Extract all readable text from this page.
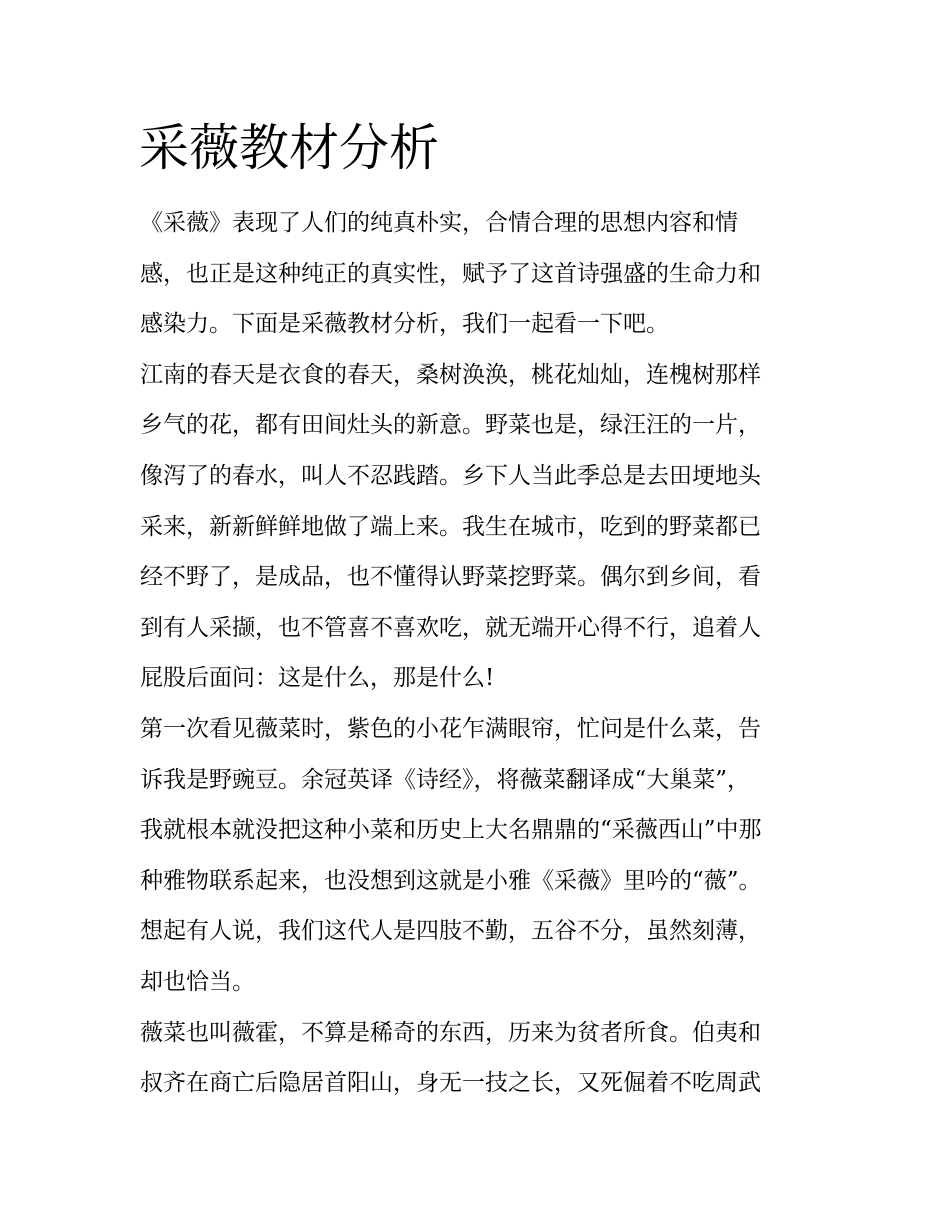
采薇教材分析
《采薇》表现了人们的纯真朴实，合情合理的思想内容和情
感，也正是这种纯正的真实性，赋予了这首诗强盛的生命力和
感染力。下面是采薇教材分析，我们一起看一下吧。
江南的春天是衣食的春天，桑树涣涣，桃花灿灿，连槐树那样
乡气的花，都有田间灶头的新意。野菜也是，绿汪汪的一片，
像泻了的春水，叫人不忍践踏。乡下人当此季总是去田埂地头
采来，新新鲜鲜地做了端上来。我生在城市，吃到的野菜都已
经不野了，是成品，也不懂得认野菜挖野菜。偶尔到乡间，看
到有人采撷，也不管喜不喜欢吃，就无端开心得不行，追着人
屁股后面问：这是什么，那是什么!
第一次看见薇菜时，紫色的小花乍满眼帘，忙问是什么菜，告
诉我是野豌豆。余冠英译《诗经》，将薇菜翻译成“大巢菜”，
我就根本就没把这种小菜和历史上大名鼎鼎的“采薇西山”中那
种雅物联系起来，也没想到这就是小雅《采薇》里吟的“薇”。
想起有人说，我们这代人是四肢不勤，五谷不分，虽然刻薄，
却也恰当。
薇菜也叫薇霍，不算是稀奇的东西，历来为贫者所食。伯夷和
叔齐在商亡后隐居首阳山，身无一技之长，又死倔着不吃周武
